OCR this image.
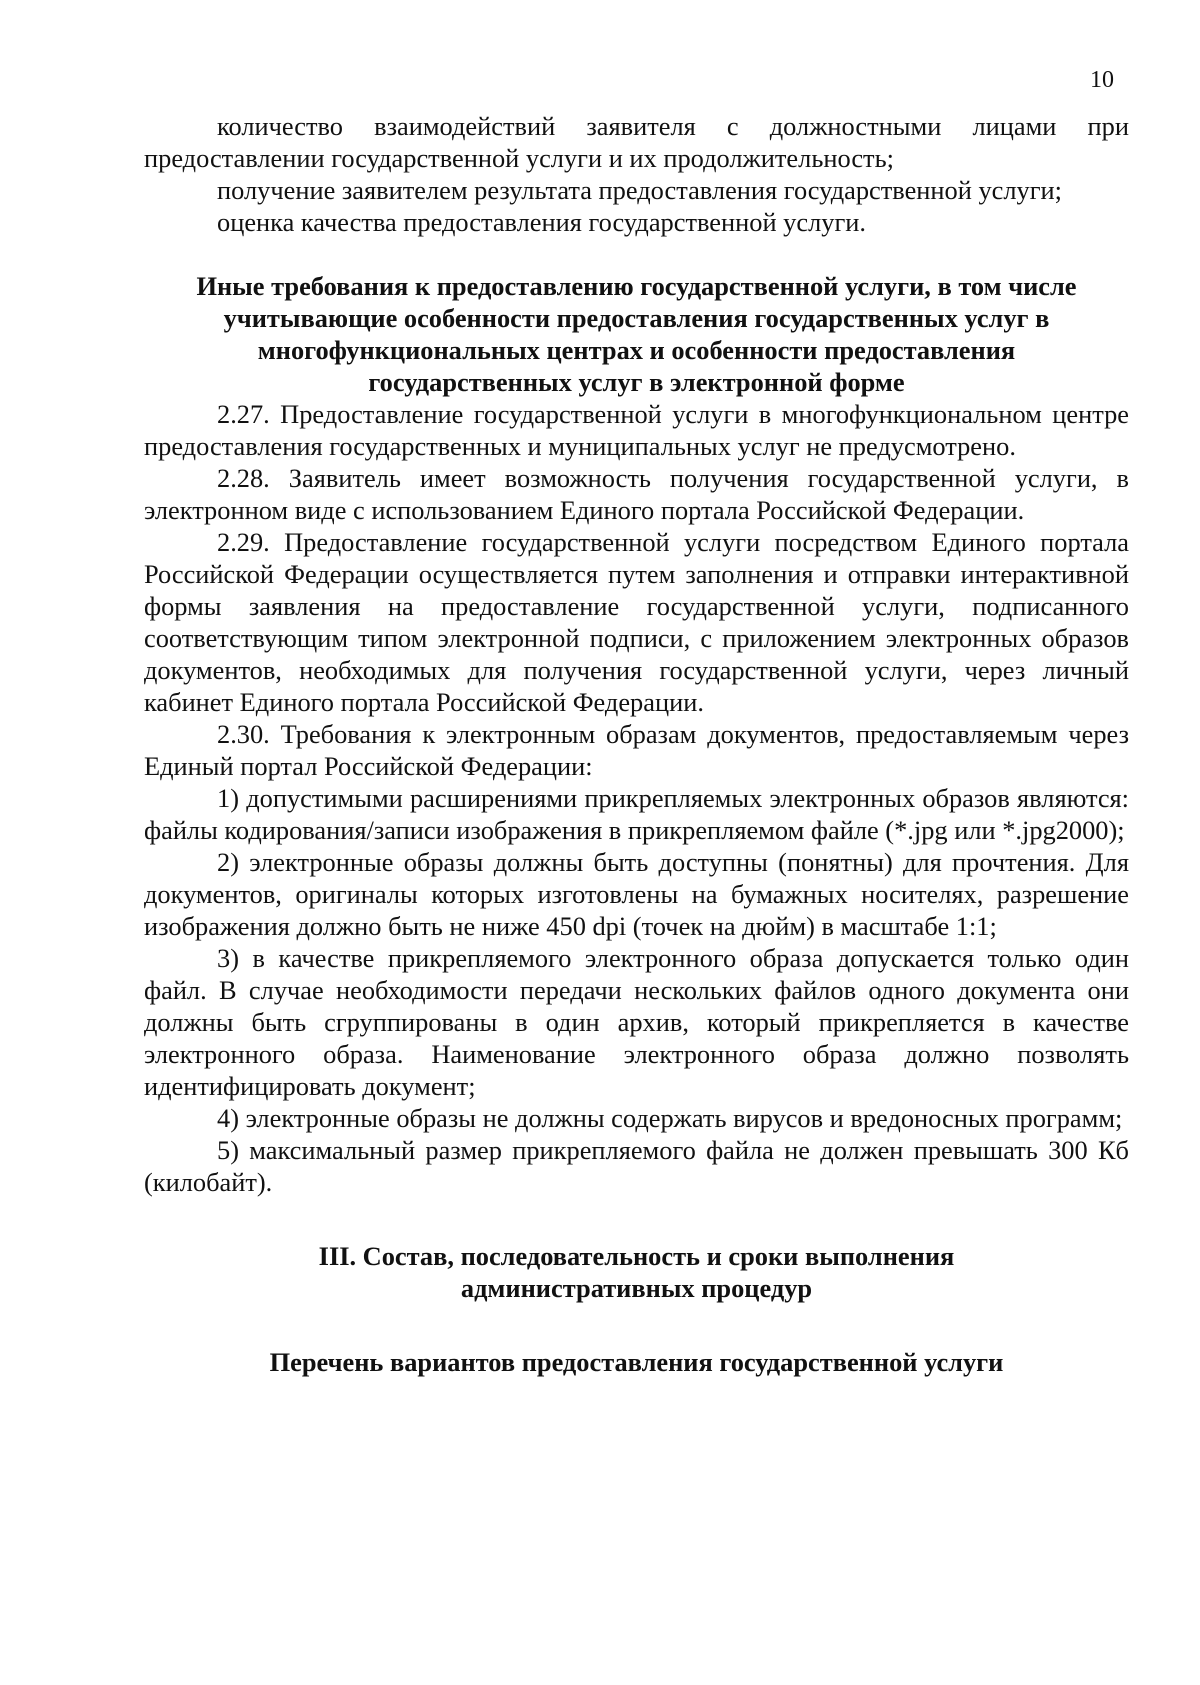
10

количество взаимодействий заявителя с должностными лицами при предоставлении государственной услуги и их продолжительность;

получение заявителем результата предоставления государственной услуги;

оценка качества предоставления государственной услуги.

Иные требования к предоставлению государственной услуги, в том числе
учитывающие особенности предоставления государственных услуг в
многофункциональных центрах и особенности предоставления
государственных услуг в электронной форме

2.27. Предоставление государственной услуги в многофункциональном центре предоставления государственных и муниципальных услуг не предусмотрено.

2.28. Заявитель имеет возможность получения государственной услуги, в электронном виде с использованием Единого портала Российской Федерации.

2.29. Предоставление государственной услуги посредством Единого портала Российской Федерации осуществляется путем заполнения и отправки интерактивной формы заявления на предоставление государственной услуги, подписанного соответствующим типом электронной подписи, с приложением электронных образов документов, необходимых для получения государственной услуги, через личный кабинет Единого портала Российской Федерации.

2.30. Требования к электронным образам документов, предоставляемым через Единый портал Российской Федерации:

1) допустимыми расширениями прикрепляемых электронных образов являются: файлы кодирования/записи изображения в прикрепляемом файле (*.jpg или *.jpg2000);

2) электронные образы должны быть доступны (понятны) для прочтения. Для документов, оригиналы которых изготовлены на бумажных носителях, разрешение изображения должно быть не ниже 450 dpi (точек на дюйм) в масштабе 1:1;

3) в качестве прикрепляемого электронного образа допускается только один файл. В случае необходимости передачи нескольких файлов одного документа они должны быть сгруппированы в один архив, который прикрепляется в качестве электронного образа. Наименование электронного образа должно позволять идентифицировать документ;

4) электронные образы не должны содержать вирусов и вредоносных программ;

5) максимальный размер прикрепляемого файла не должен превышать 300 Кб (килобайт).

III. Состав, последовательность и сроки выполнения
административных процедур
Перечень вариантов предоставления государственной услуги
